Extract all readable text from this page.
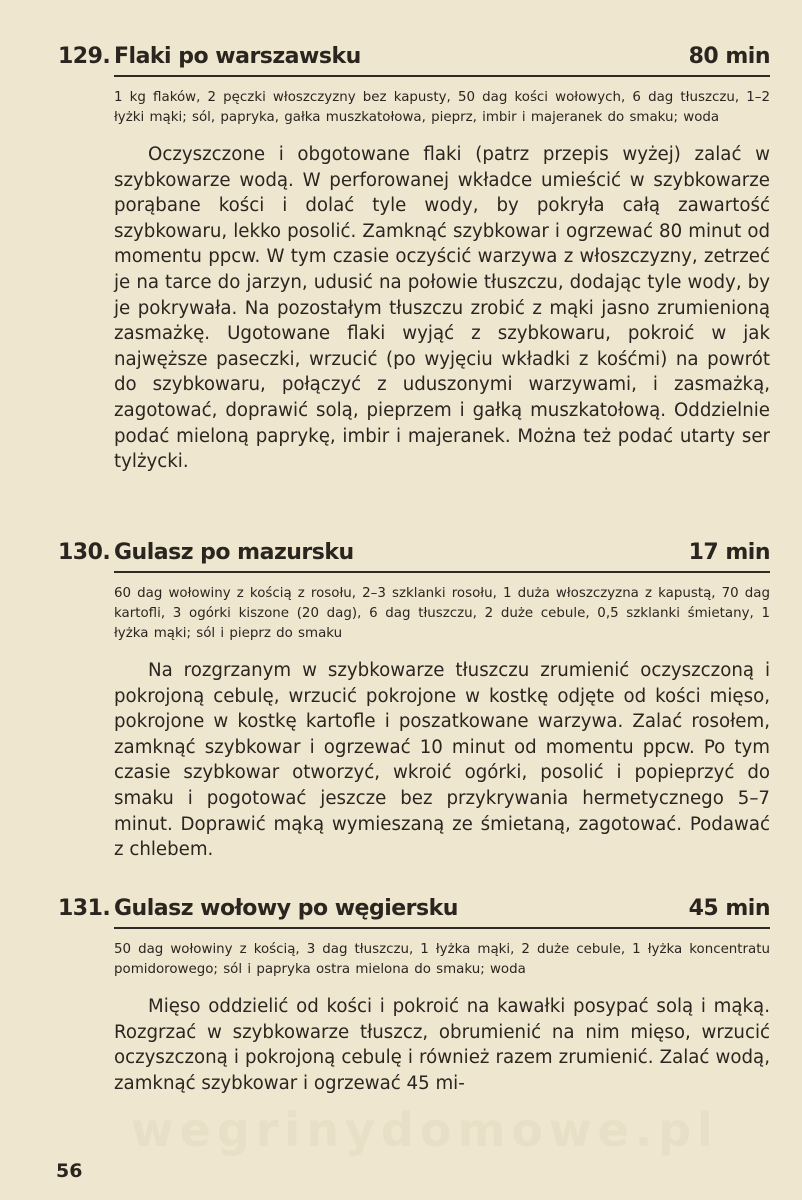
129. Flaki po warszawsku	80 min
1 kg flaków, 2 pęczki włoszczyzny bez kapusty, 50 dag kości wołowych, 6 dag tłuszczu, 1–2 łyżki mąki; sól, papryka, gałka muszkatołowa, pieprz, imbir i majeranek do smaku; woda
Oczyszczone i obgotowane flaki (patrz przepis wyżej) zalać w szybkowarze wodą. W perforowanej wkładce umieścić w szybkowarze porąbane kości i dolać tyle wody, by pokryła całą zawartość szybkowaru, lekko posolić. Zamknąć szybkowar i ogrzewać 80 minut od momentu ppcw. W tym czasie oczyścić warzywa z włoszczyzny, zetrzeć je na tarce do jarzyn, udusić na połowie tłuszczu, dodając tyle wody, by je pokrywała. Na pozostałym tłuszczu zrobić z mąki jasno zrumienioną zasmażkę. Ugotowane flaki wyjąć z szybkowaru, pokroić w jak najwęższe paseczki, wrzucić (po wyjęciu wkładki z kośćmi) na powrót do szybkowaru, połączyć z uduszonymi warzywami, i zasmażką, zagotować, doprawić solą, pieprzem i gałką muszkatołową. Oddzielnie podać mieloną paprykę, imbir i majeranek. Można też podać utarty ser tylżycki.
130. Gulasz po mazursku	17 min
60 dag wołowiny z kością z rosołu, 2–3 szklanki rosołu, 1 duża włoszczyzna z kapustą, 70 dag kartofli, 3 ogórki kiszone (20 dag), 6 dag tłuszczu, 2 duże cebule, 0,5 szklanki śmietany, 1 łyżka mąki; sól i pieprz do smaku
Na rozgrzanym w szybkowarze tłuszczu zrumienić oczyszczoną i pokrojoną cebulę, wrzucić pokrojone w kostkę odjęte od kości mięso, pokrojone w kostkę kartofle i poszatkowane warzywa. Zalać rosołem, zamknąć szybkowar i ogrzewać 10 minut od momentu ppcw. Po tym czasie szybkowar otworzyć, wkroić ogórki, posolić i popieprzyć do smaku i pogotować jeszcze bez przykrywania hermetycznego 5–7 minut. Doprawić mąką wymieszaną ze śmietaną, zagotować. Podawać z chlebem.
131. Gulasz wołowy po węgiersku	45 min
50 dag wołowiny z kością, 3 dag tłuszczu, 1 łyżka mąki, 2 duże cebule, 1 łyżka koncentratu pomidorowego; sól i papryka ostra mielona do smaku; woda
Mięso oddzielić od kości i pokroić na kawałki posypać solą i mąką. Rozgrzać w szybkowarze tłuszcz, obrumienić na nim mięso, wrzucić oczyszczoną i pokrojoną cebulę i również razem zrumienić. Zalać wodą, zamknąć szybkowar i ogrzewać 45 mi-
wegrinydomowe.pl
56
